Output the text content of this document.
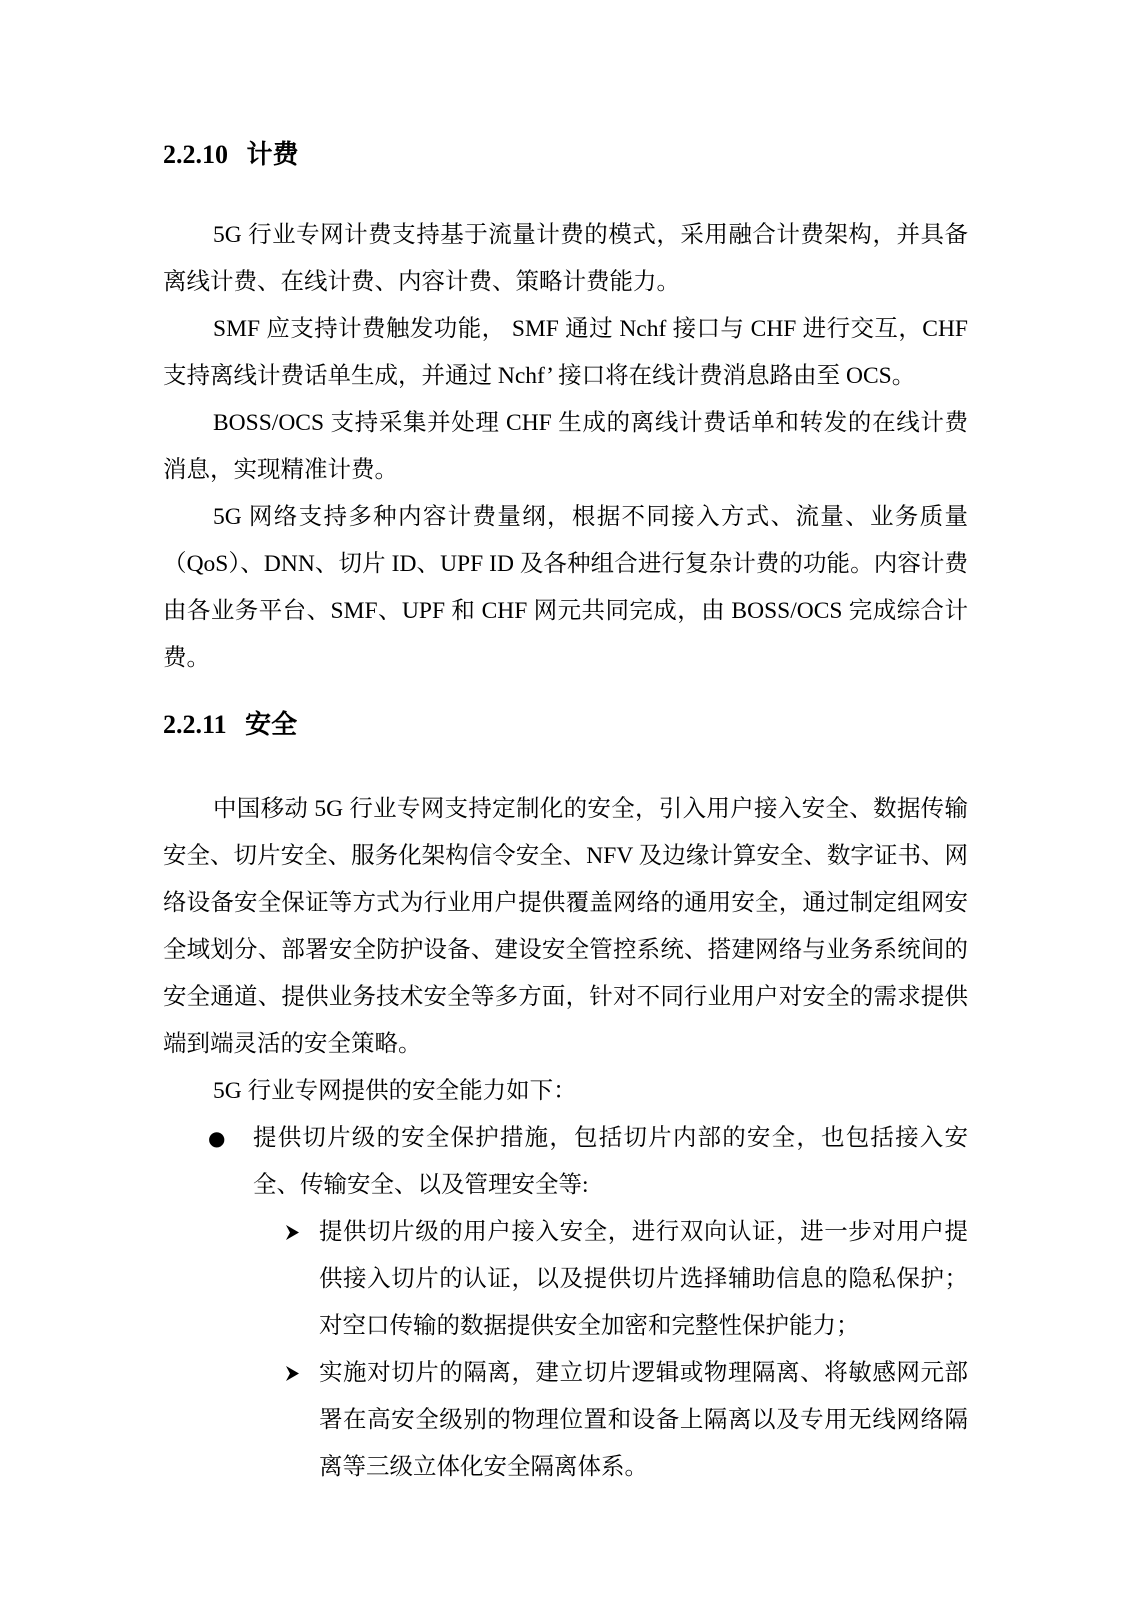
2.2.10 计费

5G 行业专网计费支持基于流量计费的模式，采用融合计费架构，并具备离线计费、在线计费、内容计费、策略计费能力。

SMF 应支持计费触发功能， SMF 通过 Nchf 接口与 CHF 进行交互，CHF 支持离线计费话单生成，并通过 Nchf’ 接口将在线计费消息路由至 OCS。

BOSS/OCS 支持采集并处理 CHF 生成的离线计费话单和转发的在线计费消息，实现精准计费。

5G 网络支持多种内容计费量纲，根据不同接入方式、流量、业务质量（QoS）、DNN、切片 ID、UPF ID 及各种组合进行复杂计费的功能。内容计费由各业务平台、SMF、UPF 和 CHF 网元共同完成，由 BOSS/OCS 完成综合计费。

2.2.11 安全

中国移动 5G 行业专网支持定制化的安全，引入用户接入安全、数据传输安全、切片安全、服务化架构信令安全、NFV 及边缘计算安全、数字证书、网络设备安全保证等方式为行业用户提供覆盖网络的通用安全，通过制定组网安全域划分、部署安全防护设备、建设安全管控系统、搭建网络与业务系统间的安全通道、提供业务技术安全等多方面，针对不同行业用户对安全的需求提供端到端灵活的安全策略。

5G 行业专网提供的安全能力如下：

● 提供切片级的安全保护措施，包括切片内部的安全，也包括接入安全、传输安全、以及管理安全等:
提供切片级的用户接入安全，进行双向认证，进一步对用户提供接入切片的认证，以及提供切片选择辅助信息的隐私保护；对空口传输的数据提供安全加密和完整性保护能力；
实施对切片的隔离，建立切片逻辑或物理隔离、将敏感网元部署在高安全级别的物理位置和设备上隔离以及专用无线网络隔离等三级立体化安全隔离体系。
